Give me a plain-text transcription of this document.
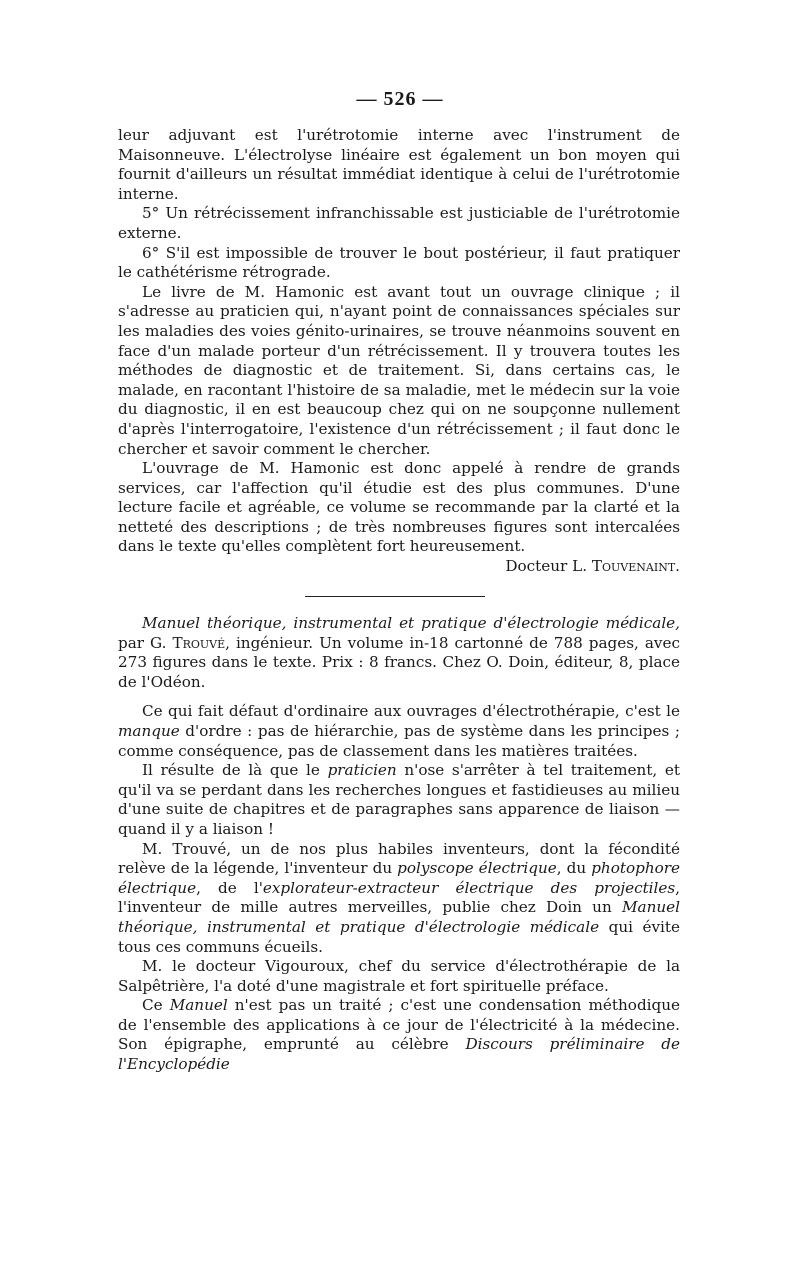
— 526 —

leur adjuvant est l'urétrotomie interne avec l'instrument de Maisonneuve. L'électrolyse linéaire est également un bon moyen qui fournit d'ailleurs un résultat immédiat identique à celui de l'urétrotomie interne.

5° Un rétrécissement infranchissable est justiciable de l'urétrotomie externe.

6° S'il est impossible de trouver le bout postérieur, il faut pratiquer le cathétérisme rétrograde.

Le livre de M. Hamonic est avant tout un ouvrage clinique ; il s'adresse au praticien qui, n'ayant point de connaissances spéciales sur les maladies des voies génito-urinaires, se trouve néanmoins souvent en face d'un malade porteur d'un rétrécissement. Il y trouvera toutes les méthodes de diagnostic et de traitement. Si, dans certains cas, le malade, en racontant l'histoire de sa maladie, met le médecin sur la voie du diagnostic, il en est beaucoup chez qui on ne soupçonne nullement d'après l'interrogatoire, l'existence d'un rétrécissement ; il faut donc le chercher et savoir comment le chercher.

L'ouvrage de M. Hamonic est donc appelé à rendre de grands services, car l'affection qu'il étudie est des plus communes. D'une lecture facile et agréable, ce volume se recommande par la clarté et la netteté des descriptions ; de très nombreuses figures sont intercalées dans le texte qu'elles complètent fort heureusement.

Docteur L. Touvenaint.

Manuel théorique, instrumental et pratique d'électrologie médicale, par G. Trouvé, ingénieur. Un volume in-18 cartonné de 788 pages, avec 273 figures dans le texte. Prix : 8 francs. Chez O. Doin, éditeur, 8, place de l'Odéon.

Ce qui fait défaut d'ordinaire aux ouvrages d'électrothérapie, c'est le manque d'ordre : pas de hiérarchie, pas de système dans les principes ; comme conséquence, pas de classement dans les matières traitées.

Il résulte de là que le praticien n'ose s'arrêter à tel traitement, et qu'il va se perdant dans les recherches longues et fastidieuses au milieu d'une suite de chapitres et de paragraphes sans apparence de liaison — quand il y a liaison !

M. Trouvé, un de nos plus habiles inventeurs, dont la fécondité relève de la légende, l'inventeur du polyscope électrique, du photophore électrique, de l'explorateur-extracteur électrique des projectiles, l'inventeur de mille autres merveilles, publie chez Doin un Manuel théorique, instrumental et pratique d'électrologie médicale qui évite tous ces communs écueils.

M. le docteur Vigouroux, chef du service d'électrothérapie de la Salpêtrière, l'a doté d'une magistrale et fort spirituelle préface.

Ce Manuel n'est pas un traité ; c'est une condensation méthodique de l'ensemble des applications à ce jour de l'électricité à la médecine. Son épigraphe, emprunté au célèbre Discours préliminaire de l'Encyclopédie
